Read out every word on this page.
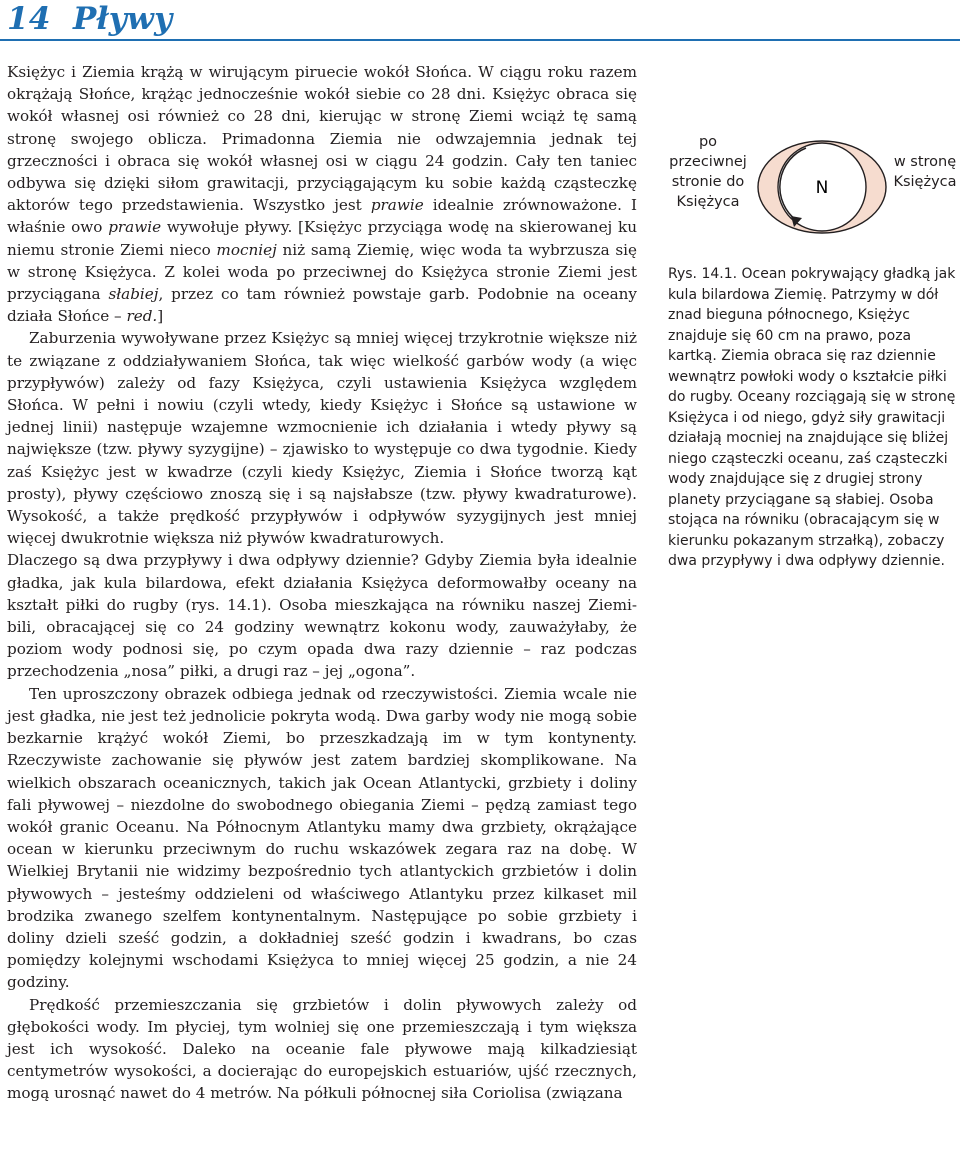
14 Pływy

Księżyc i Ziemia krążą w wirującym piruecie wokół Słońca. W ciągu roku razem okrążają Słońce, krążąc jednocześnie wokół siebie co 28 dni. Księżyc obraca się wokół własnej osi również co 28 dni, kierując w stronę Ziemi wciąż tę samą stronę swojego oblicza. Primadonna Ziemia nie odwzajemnia jednak tej grzeczności i obraca się wokół własnej osi w ciągu 24 godzin. Cały ten taniec odbywa się dzięki siłom grawitacji, przyciągającym ku sobie każdą cząsteczkę aktorów tego przedstawienia. Wszystko jest prawie idealnie zrównoważone. I właśnie owo prawie wywołuje pływy. [Księżyc przyciąga wodę na skierowanej ku niemu stronie Ziemi nieco mocniej niż samą Ziemię, więc woda ta wybrzusza się w stronę Księżyca. Z kolei woda po przeciwnej do Księżyca stronie Ziemi jest przyciągana słabiej, przez co tam również powstaje garb. Podobnie na oceany działa Słońce – red.]

Zaburzenia wywoływane przez Księżyc są mniej więcej trzykrotnie większe niż te związane z oddziaływaniem Słońca, tak więc wielkość garbów wody (a więc przypływów) zależy od fazy Księżyca, czyli ustawienia Księżyca względem Słońca. W pełni i nowiu (czyli wtedy, kiedy Księżyc i Słońce są ustawione w jednej linii) następuje wzajemne wzmocnienie ich działania i wtedy pływy są największe (tzw. pływy syzygijne) – zjawisko to występuje co dwa tygodnie. Kiedy zaś Księżyc jest w kwadrze (czyli kiedy Księżyc, Ziemia i Słońce tworzą kąt prosty), pływy częściowo znoszą się i są najsłabsze (tzw. pływy kwadraturowe). Wysokość, a także prędkość przypływów i odpływów syzygijnych jest mniej więcej dwukrotnie większa niż pływów kwadraturowych.

Dlaczego są dwa przypływy i dwa odpływy dziennie? Gdyby Ziemia była idealnie gładka, jak kula bilardowa, efekt działania Księżyca deformowałby oceany na kształt piłki do rugby (rys. 14.1). Osoba mieszkająca na równiku naszej Ziemi-bili, obracającej się co 24 godziny wewnątrz kokonu wody, zauważyłaby, że poziom wody podnosi się, po czym opada dwa razy dziennie – raz podczas przechodzenia „nosa” piłki, a drugi raz – jej „ogona”.

Ten uproszczony obrazek odbiega jednak od rzeczywistości. Ziemia wcale nie jest gładka, nie jest też jednolicie pokryta wodą. Dwa garby wody nie mogą sobie bezkarnie krążyć wokół Ziemi, bo przeszkadzają im w tym kontynenty. Rzeczywiste zachowanie się pływów jest zatem bardziej skomplikowane. Na wielkich obszarach oceanicznych, takich jak Ocean Atlantycki, grzbiety i doliny fali pływowej – niezdolne do swobodnego obiegania Ziemi – pędzą zamiast tego wokół granic Oceanu. Na Północnym Atlantyku mamy dwa grzbiety, okrążające ocean w kierunku przeciwnym do ruchu wskazówek zegara raz na dobę. W Wielkiej Brytanii nie widzimy bezpośrednio tych atlantyckich grzbietów i dolin pływowych – jesteśmy oddzieleni od właściwego Atlantyku przez kilkaset mil brodzika zwanego szelfem kontynentalnym. Następujące po sobie grzbiety i doliny dzieli sześć godzin, a dokładniej sześć godzin i kwadrans, bo czas pomiędzy kolejnymi wschodami Księżyca to mniej więcej 25 godzin, a nie 24 godziny.

Prędkość przemieszczania się grzbietów i dolin pływowych zależy od głębokości wody. Im płyciej, tym wolniej się one przemieszczają i tym większa jest ich wysokość. Daleko na oceanie fale pływowe mają kilkadziesiąt centymetrów wysokości, a docierając do europejskich estuariów, ujść rzecznych, mogą urosnąć nawet do 4 metrów. Na półkuli północnej siła Coriolisa (związana

po przeciwnej stronie do Księżyca
N
w stronę Księżyca

Rys. 14.1. Ocean pokrywający gładką jak kula bilardowa Ziemię. Patrzymy w dół znad bieguna północnego, Księżyc znajduje się 60 cm na prawo, poza kartką. Ziemia obraca się raz dziennie wewnątrz powłoki wody o kształcie piłki do rugby. Oceany rozciągają się w stronę Księżyca i od niego, gdyż siły grawitacji działają mocniej na znajdujące się bliżej niego cząsteczki oceanu, zaś cząsteczki wody znajdujące się z drugiej strony planety przyciągane są słabiej. Osoba stojąca na równiku (obracającym się w kierunku pokazanym strzałką), zobaczy dwa przypływy i dwa odpływy dziennie.
